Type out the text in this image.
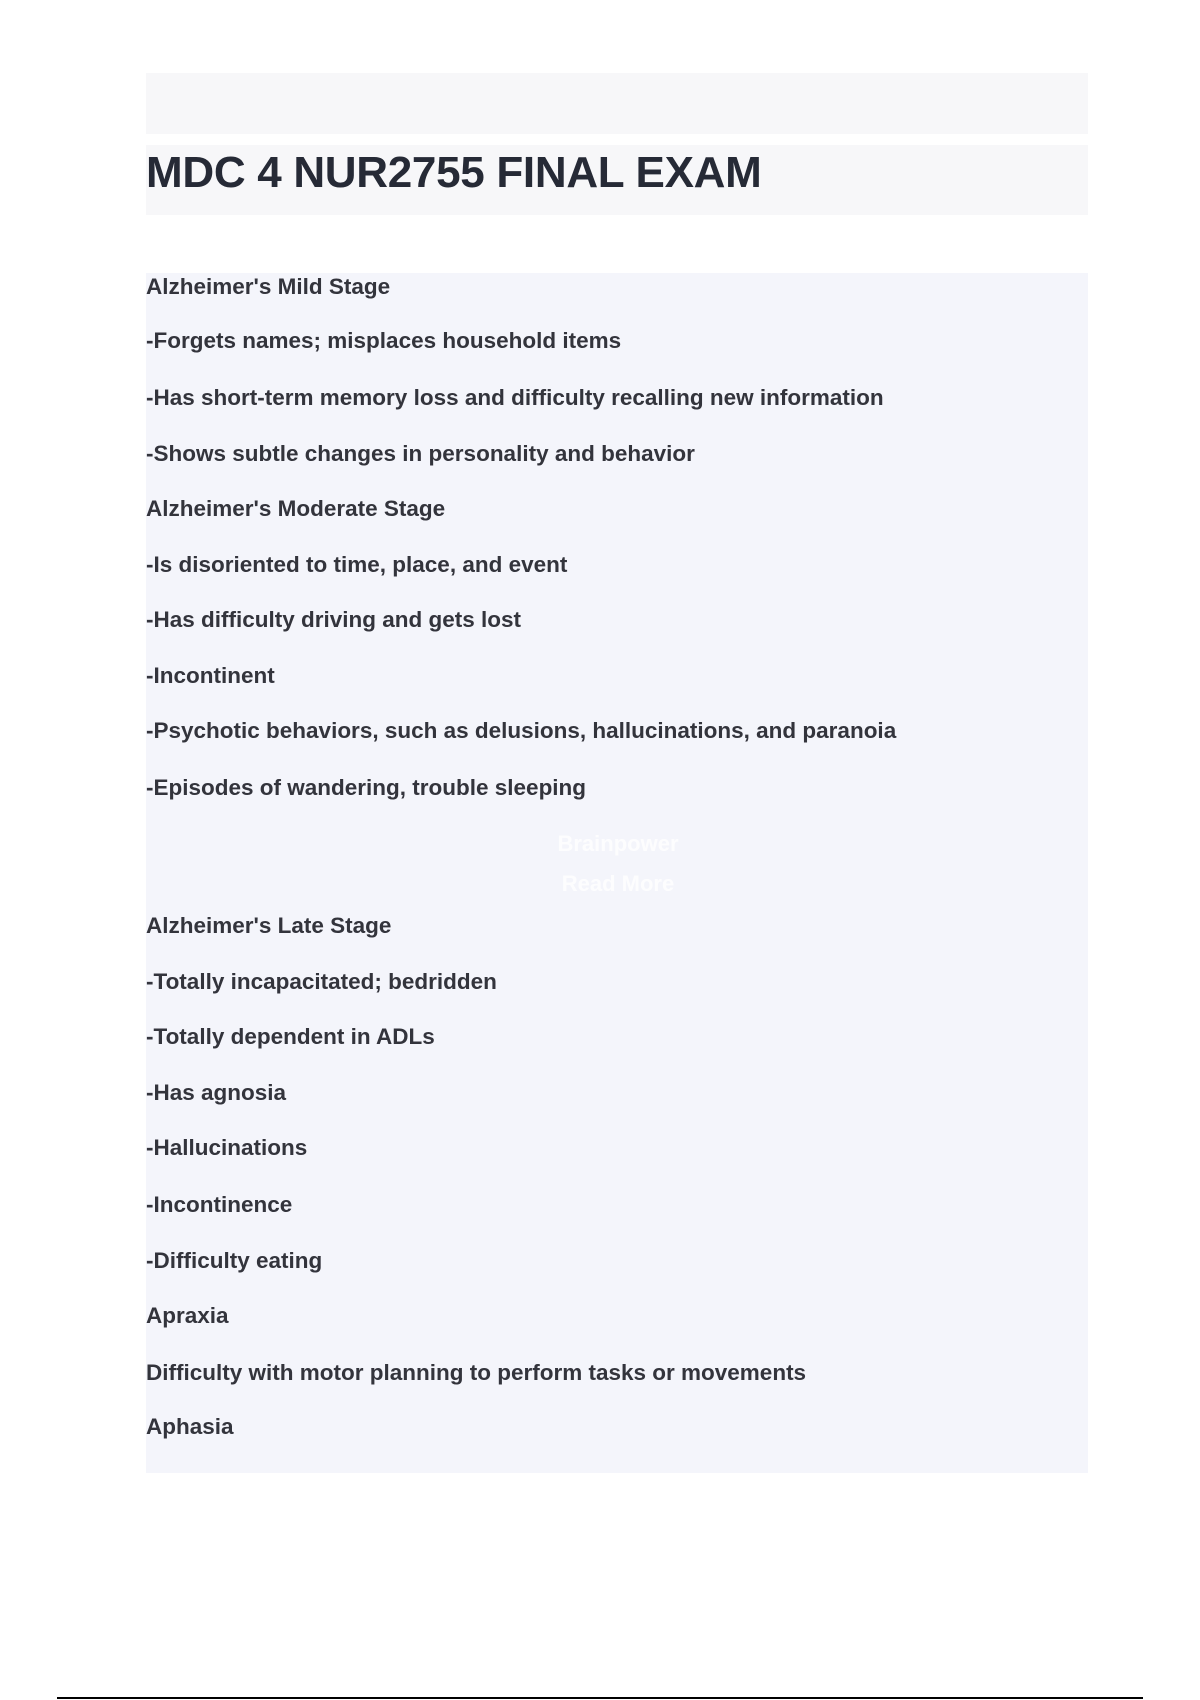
MDC 4 NUR2755 FINAL EXAM

Alzheimer's Mild Stage

-Forgets names; misplaces household items

-Has short-term memory loss and difficulty recalling new information

-Shows subtle changes in personality and behavior

Alzheimer's Moderate Stage

-Is disoriented to time, place, and event

-Has difficulty driving and gets lost

-Incontinent

-Psychotic behaviors, such as delusions, hallucinations, and paranoia

-Episodes of wandering, trouble sleeping

Brainpower
Read More

Alzheimer's Late Stage

-Totally incapacitated; bedridden

-Totally dependent in ADLs

-Has agnosia

-Hallucinations

-Incontinence

-Difficulty eating

Apraxia

Difficulty with motor planning to perform tasks or movements

Aphasia
